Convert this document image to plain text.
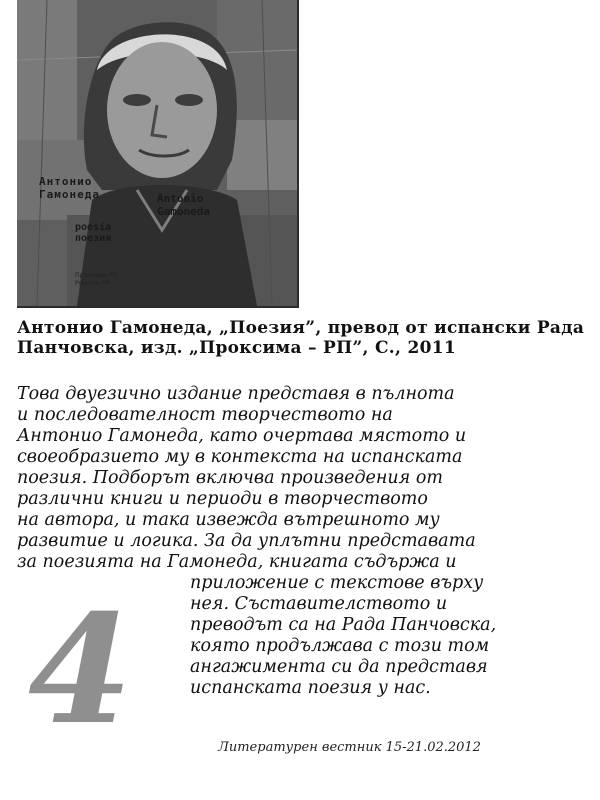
Антонио
Гамонеда	Antonio
Gamoneda
poesía
поезия
Проксима–РП
Proxima–RP
Антонио Гамонеда, „Поезия”, превод от испански Рада Панчовска, изд. „Проксима – РП”, С., 2011
Това двуезично издание представя в пълнота
и последователност творчеството на
Антонио Гамонеда, като очертава мястото и
своеобразието му в контекста на испанската
поезия. Подборът включва произведения от
различни книги и периоди в творчеството
на автора, и така извежда вътрешното му
развитие и логика. За да уплътни представата
за поезията на Гамонеда, книгата съдържа и
приложение с текстове върху
нея. Съставителството и
преводът са на Рада Панчовска,
която продължава с този том
ангажимента си да представя
испанската поезия у нас.
4	Литературен вестник 15-21.02.2012
